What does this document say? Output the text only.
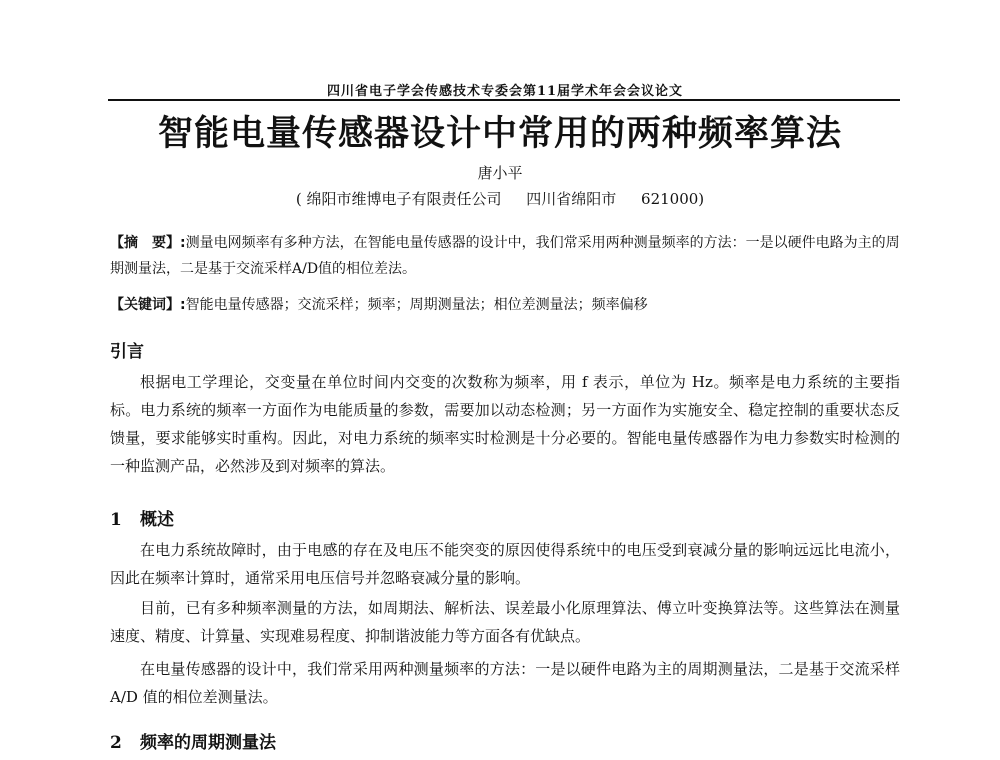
四川省电子学会传感技术专委会第11届学术年会会议论文
智能电量传感器设计中常用的两种频率算法
唐小平
( 绵阳市维博电子有限责任公司 四川省绵阳市 621000)
【摘　要】:测量电网频率有多种方法，在智能电量传感器的设计中，我们常采用两种测量频率的方法：一是以硬件电路为主的周期测量法，二是基于交流采样A/D值的相位差法。
【关键词】:智能电量传感器；交流采样；频率；周期测量法；相位差测量法；频率偏移
引言
根据电工学理论，交变量在单位时间内交变的次数称为频率，用 f 表示，单位为 Hz。频率是电力系统的主要指标。电力系统的频率一方面作为电能质量的参数，需要加以动态检测；另一方面作为实施安全、稳定控制的重要状态反馈量，要求能够实时重构。因此，对电力系统的频率实时检测是十分必要的。智能电量传感器作为电力参数实时检测的一种监测产品，必然涉及到对频率的算法。
1 概述
在电力系统故障时，由于电感的存在及电压不能突变的原因使得系统中的电压受到衰减分量的影响远远比电流小，因此在频率计算时，通常采用电压信号并忽略衰减分量的影响。
目前，已有多种频率测量的方法，如周期法、解析法、误差最小化原理算法、傅立叶变换算法等。这些算法在测量速度、精度、计算量、实现难易程度、抑制谐波能力等方面各有优缺点。
在电量传感器的设计中，我们常采用两种测量频率的方法：一是以硬件电路为主的周期测量法，二是基于交流采样 A/D 值的相位差测量法。
2 频率的周期测量法
